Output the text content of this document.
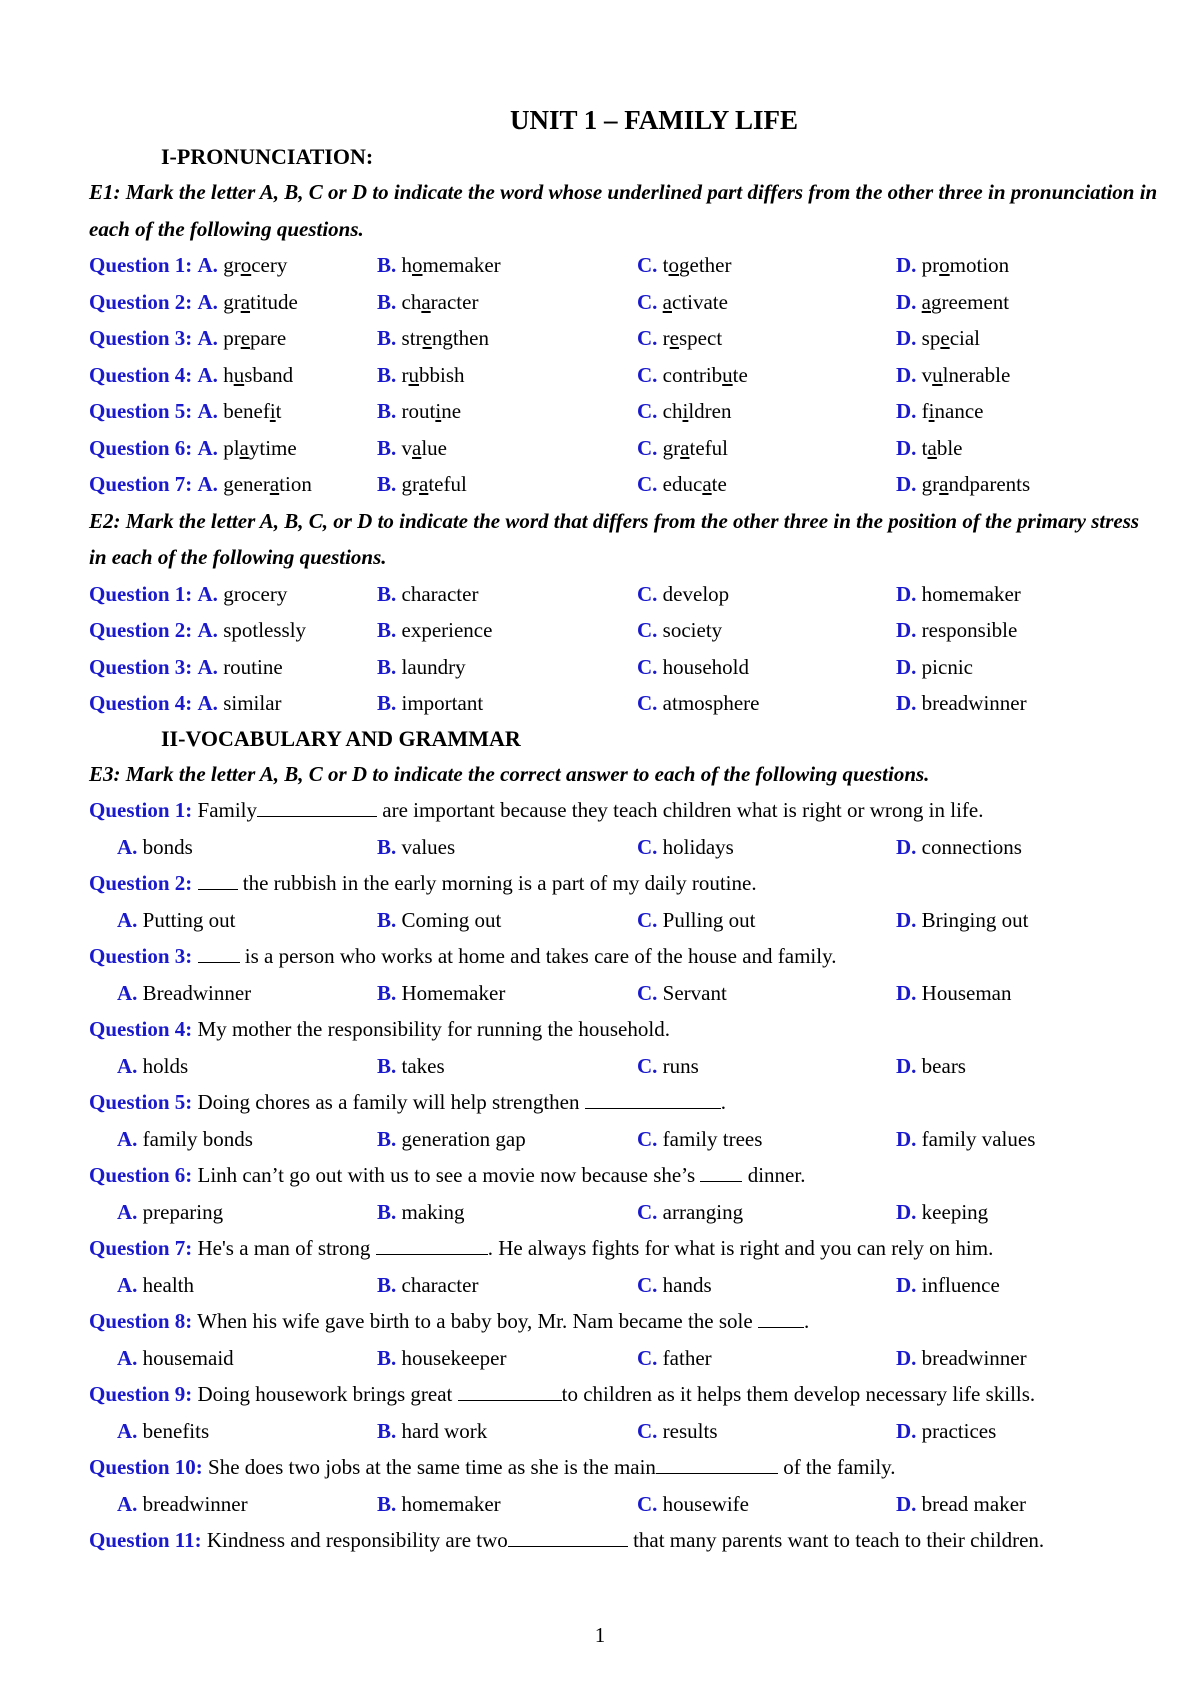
UNIT 1 – FAMILY LIFE
I-PRONUNCIATION:
E1: Mark the letter A, B, C or D to indicate the word whose underlined part differs from the other three in pronunciation in each of the following questions.
Question 1: A. grocery	B. homemaker	C. together	D. promotion
Question 2: A. gratitude	B. character	C. activate	D. agreement
Question 3: A. prepare	B. strengthen	C. respect	D. special
Question 4: A. husband	B. rubbish	C. contribute	D. vulnerable
Question 5: A. benefit	B. routine	C. children	D. finance
Question 6: A. playtime	B. value	C. grateful	D. table
Question 7: A. generation	B. grateful	C. educate	D. grandparents
E2: Mark the letter A, B, C, or D to indicate the word that differs from the other three in the position of the primary stress in each of the following questions.
Question 1: A. grocery	B. character	C. develop	D. homemaker
Question 2: A. spotlessly	B. experience	C. society	D. responsible
Question 3: A. routine	B. laundry	C. household	D. picnic
Question 4: A. similar	B. important	C. atmosphere	D. breadwinner
II-VOCABULARY AND GRAMMAR
E3: Mark the letter A, B, C or D to indicate the correct answer to each of the following questions.
Question 1: Family	are important because they teach children what is right or wrong in life.
A. bonds	B. values	C. holidays	D. connections
Question 2:  the rubbish in the early morning is a part of my daily routine.
A. Putting out	B. Coming out	C. Pulling out	D. Bringing out
Question 3:  is a person who works at home and takes care of the house and family.
A. Breadwinner	B. Homemaker	C. Servant	D. Houseman
Question 4: My mother the responsibility for running the household.
A. holds	B. takes	C. runs	D. bears
Question 5: Doing chores as a family will help strengthen	.
A. family bonds	B. generation gap	C. family trees	D. family values
Question 6: Linh can’t go out with us to see a movie now because she’s  dinner.
A. preparing	B. making	C. arranging	D. keeping
Question 7: He's a man of strong	. He always fights for what is right and you can rely on him.
A. health	B. character	C. hands	D. influence
Question 8: When his wife gave birth to a baby boy, Mr. Nam became the sole .
A. housemaid	B. housekeeper	C. father	D. breadwinner
Question 9: Doing housework brings great	to children as it helps them develop necessary life skills.
A. benefits	B. hard work	C. results	D. practices
Question 10: She does two jobs at the same time as she is the main	of the family.
A. breadwinner	B. homemaker	C. housewife	D. bread maker
Question 11: Kindness and responsibility are two	that many parents want to teach to their children.
1
